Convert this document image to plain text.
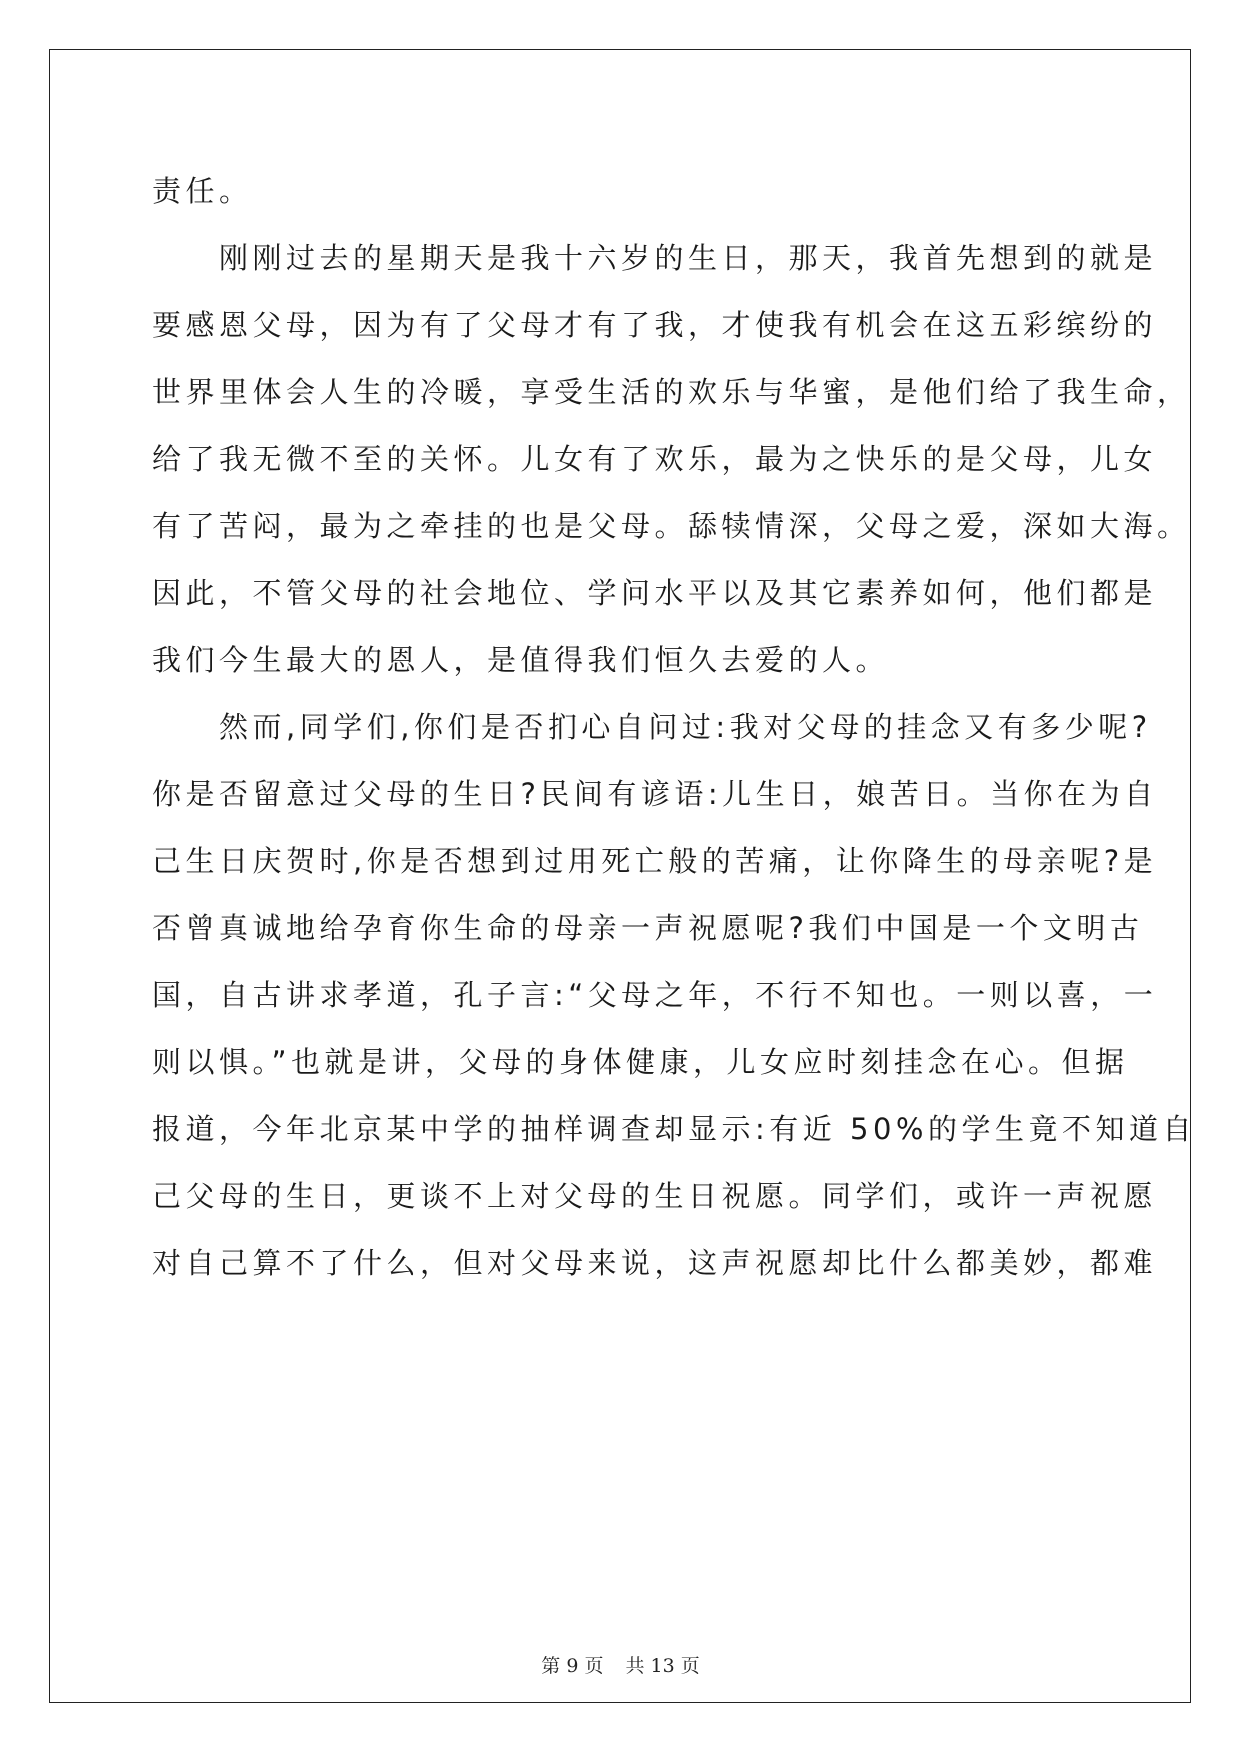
责任。

　　刚刚过去的星期天是我十六岁的生日，那天，我首先想到的就是

要感恩父母，因为有了父母才有了我，才使我有机会在这五彩缤纷的

世界里体会人生的冷暖，享受生活的欢乐与华蜜，是他们给了我生命，

给了我无微不至的关怀。儿女有了欢乐，最为之快乐的是父母，儿女

有了苦闷，最为之牵挂的也是父母。舔犊情深，父母之爱，深如大海。

因此，不管父母的社会地位、学问水平以及其它素养如何，他们都是

我们今生最大的恩人，是值得我们恒久去爱的人。

　　然而,同学们,你们是否扪心自问过:我对父母的挂念又有多少呢?

你是否留意过父母的生日?民间有谚语:儿生日，娘苦日。当你在为自

己生日庆贺时,你是否想到过用死亡般的苦痛，让你降生的母亲呢?是

否曾真诚地给孕育你生命的母亲一声祝愿呢?我们中国是一个文明古

国，自古讲求孝道，孔子言:“父母之年，不行不知也。一则以喜，一

则以惧。”也就是讲，父母的身体健康，儿女应时刻挂念在心。但据

报道，今年北京某中学的抽样调查却显示:有近 50%的学生竟不知道自

己父母的生日，更谈不上对父母的生日祝愿。同学们，或许一声祝愿

对自己算不了什么，但对父母来说，这声祝愿却比什么都美妙，都难

第 9 页 共 13 页
